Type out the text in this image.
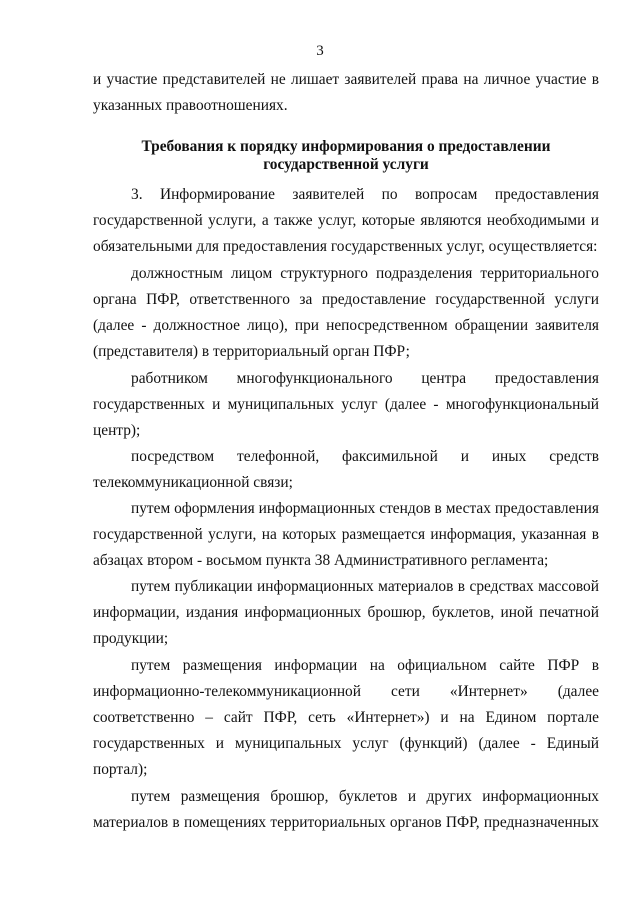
3
и участие представителей не лишает заявителей права на личное участие в
указанных правоотношениях.
Требования к порядку информирования о предоставлении
государственной услуги
3. Информирование заявителей по вопросам предоставления
государственной услуги, а также услуг, которые являются необходимыми и
обязательными для предоставления государственных услуг, осуществляется:
должностным лицом структурного подразделения территориального
органа ПФР, ответственного за предоставление государственной услуги
(далее - должностное лицо), при непосредственном обращении заявителя
(представителя) в территориальный орган ПФР;
работником многофункционального центра предоставления
государственных и муниципальных услуг (далее - многофункциональный
центр);
посредством телефонной, факсимильной и иных средств
телекоммуникационной связи;
путем оформления информационных стендов в местах предоставления
государственной услуги, на которых размещается информация, указанная в
абзацах втором - восьмом пункта 38 Административного регламента;
путем публикации информационных материалов в средствах массовой
информации, издания информационных брошюр, буклетов, иной печатной
продукции;
путем размещения информации на официальном сайте ПФР в
информационно-телекоммуникационной сети «Интернет» (далее
соответственно – сайт ПФР, сеть «Интернет») и на Едином портале
государственных и муниципальных услуг (функций) (далее - Единый
портал);
путем размещения брошюр, буклетов и других информационных
материалов в помещениях территориальных органов ПФР, предназначенных
